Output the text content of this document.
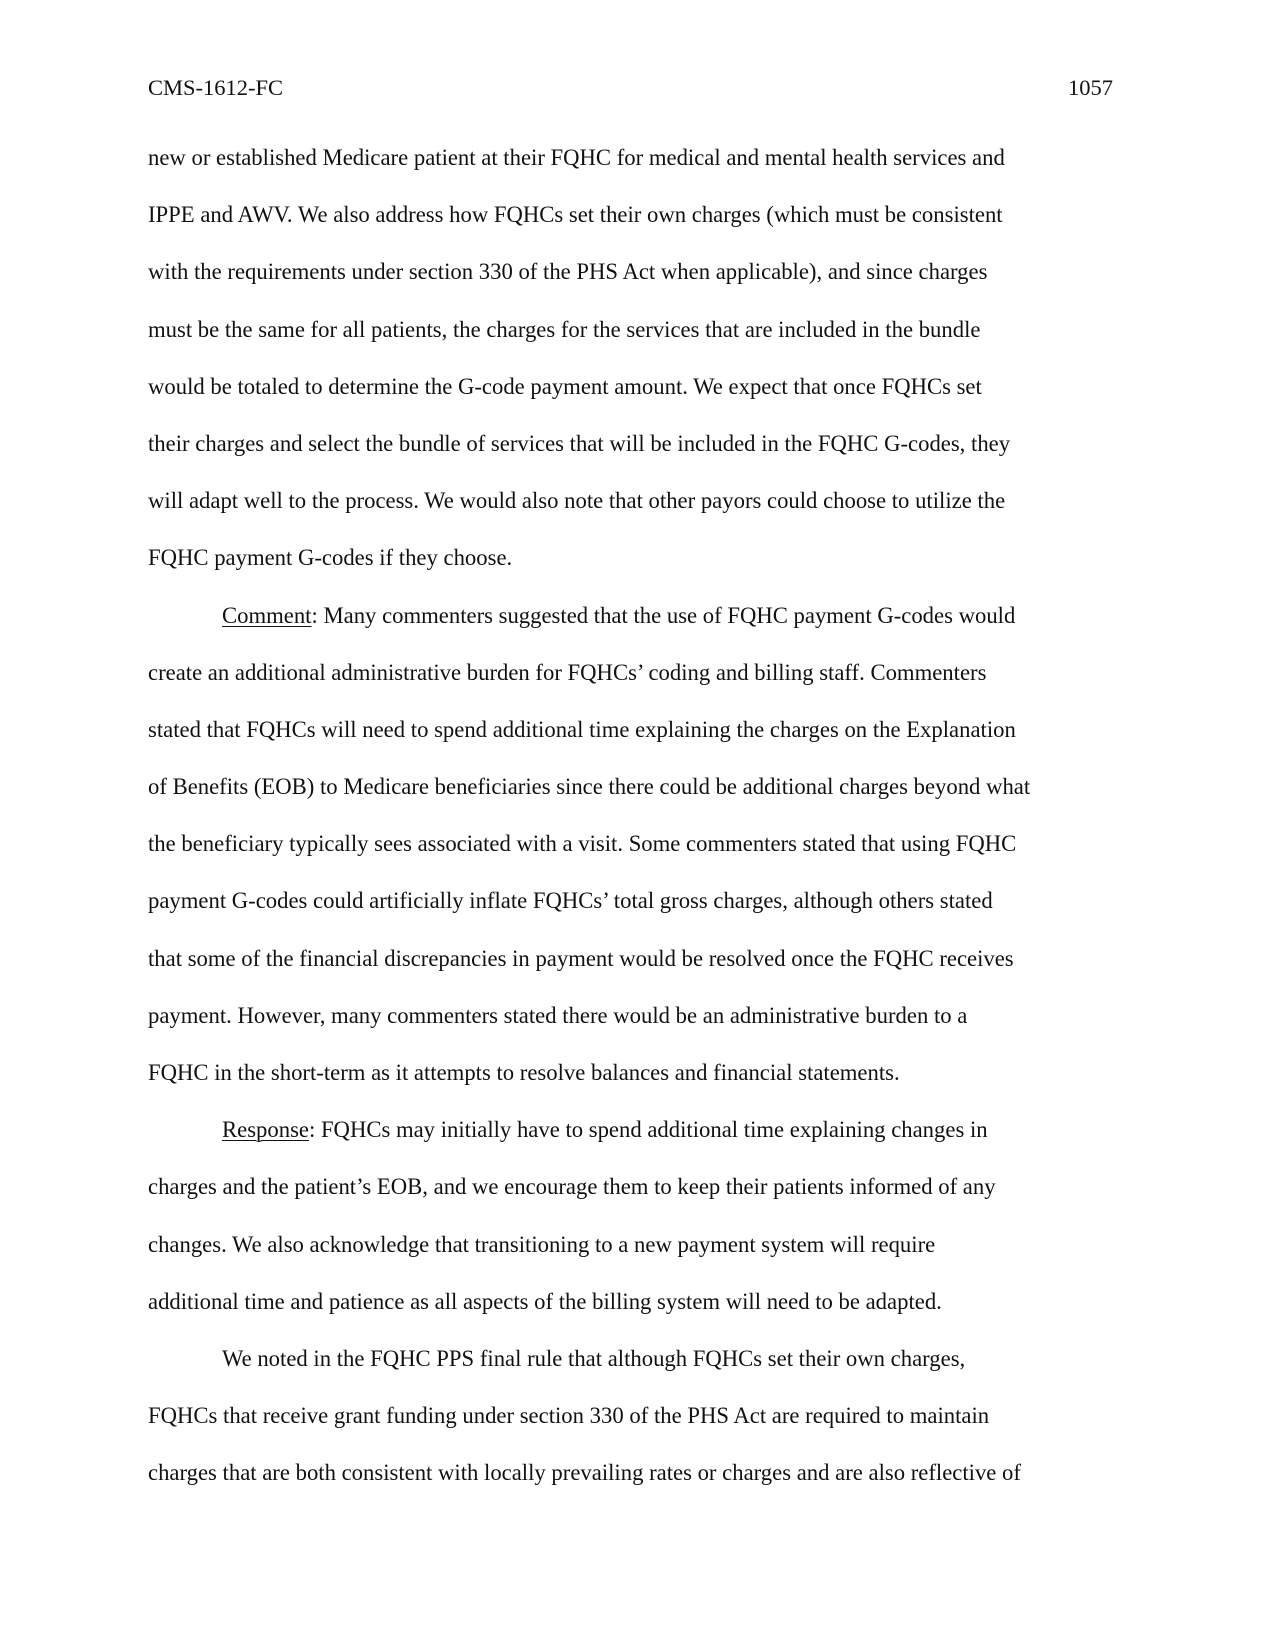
CMS-1612-FC	1057
new or established Medicare patient at their FQHC for medical and mental health services and
IPPE and AWV. We also address how FQHCs set their own charges (which must be consistent
with the requirements under section 330 of the PHS Act when applicable), and since charges
must be the same for all patients, the charges for the services that are included in the bundle
would be totaled to determine the G-code payment amount. We expect that once FQHCs set
their charges and select the bundle of services that will be included in the FQHC G-codes, they
will adapt well to the process. We would also note that other payors could choose to utilize the
FQHC payment G-codes if they choose.
Comment: Many commenters suggested that the use of FQHC payment G-codes would
create an additional administrative burden for FQHCs’ coding and billing staff. Commenters
stated that FQHCs will need to spend additional time explaining the charges on the Explanation
of Benefits (EOB) to Medicare beneficiaries since there could be additional charges beyond what
the beneficiary typically sees associated with a visit. Some commenters stated that using FQHC
payment G-codes could artificially inflate FQHCs’ total gross charges, although others stated
that some of the financial discrepancies in payment would be resolved once the FQHC receives
payment. However, many commenters stated there would be an administrative burden to a
FQHC in the short-term as it attempts to resolve balances and financial statements.
Response: FQHCs may initially have to spend additional time explaining changes in
charges and the patient’s EOB, and we encourage them to keep their patients informed of any
changes. We also acknowledge that transitioning to a new payment system will require
additional time and patience as all aspects of the billing system will need to be adapted.
We noted in the FQHC PPS final rule that although FQHCs set their own charges,
FQHCs that receive grant funding under section 330 of the PHS Act are required to maintain
charges that are both consistent with locally prevailing rates or charges and are also reflective of
